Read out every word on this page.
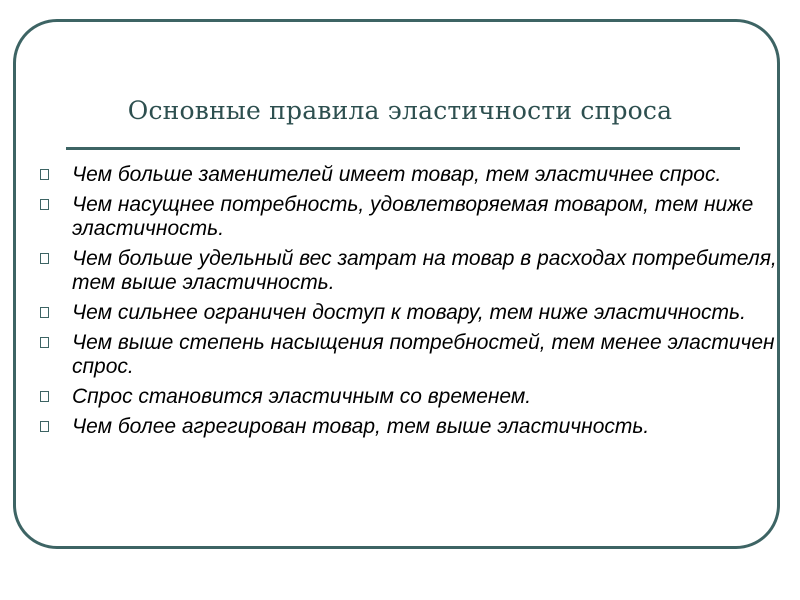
Основные правила эластичности спроса
Чем больше заменителей имеет товар, тем эластичнее спрос.
Чем насущнее потребность, удовлетворяемая товаром, тем ниже эластичность.
Чем больше удельный вес затрат на товар в расходах потребителя, тем выше эластичность.
Чем сильнее ограничен доступ к товару, тем ниже эластичность.
Чем выше степень насыщения потребностей, тем менее эластичен спрос.
Спрос становится эластичным со временем.
Чем более агрегирован товар, тем выше эластичность.
